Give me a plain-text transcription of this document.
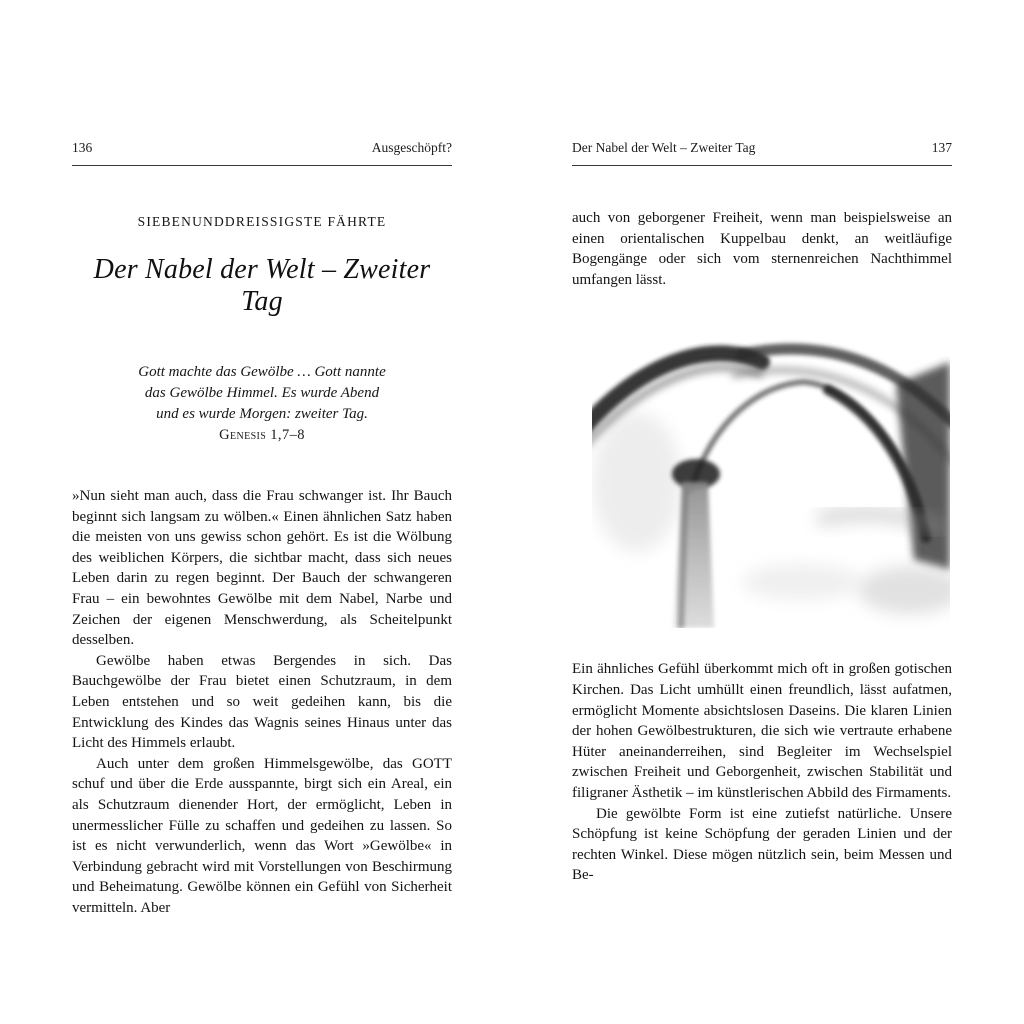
136	Ausgeschöpft?
SIEBENUNDDREISSIGSTE FÄHRTE
Der Nabel der Welt – Zweiter Tag
Gott machte das Gewölbe … Gott nannte
das Gewölbe Himmel. Es wurde Abend
und es wurde Morgen: zweiter Tag.
Genesis 1,7–8

»Nun sieht man auch, dass die Frau schwanger ist. Ihr Bauch beginnt sich langsam zu wölben.« Einen ähnlichen Satz haben die meisten von uns gewiss schon gehört. Es ist die Wölbung des weiblichen Körpers, die sichtbar macht, dass sich neues Leben darin zu regen beginnt. Der Bauch der schwangeren Frau – ein bewohntes Gewölbe mit dem Nabel, Narbe und Zeichen der eigenen Menschwerdung, als Scheitelpunkt desselben.

Gewölbe haben etwas Bergendes in sich. Das Bauchgewölbe der Frau bietet einen Schutzraum, in dem Leben entstehen und so weit gedeihen kann, bis die Entwicklung des Kindes das Wagnis seines Hinaus unter das Licht des Himmels erlaubt.

Auch unter dem großen Himmelsgewölbe, das GOTT schuf und über die Erde ausspannte, birgt sich ein Areal, ein als Schutzraum dienender Hort, der ermöglicht, Leben in unermesslicher Fülle zu schaffen und gedeihen zu lassen. So ist es nicht verwunderlich, wenn das Wort »Gewölbe« in Verbindung gebracht wird mit Vorstellungen von Beschirmung und Beheimatung. Gewölbe können ein Gefühl von Sicherheit vermitteln. Aber

Der Nabel der Welt – Zweiter Tag	137

auch von geborgener Freiheit, wenn man beispielsweise an einen orientalischen Kuppelbau denkt, an weitläufige Bogengänge oder sich vom sternenreichen Nachthimmel umfangen lässt.

Ein ähnliches Gefühl überkommt mich oft in großen gotischen Kirchen. Das Licht umhüllt einen freundlich, lässt aufatmen, ermöglicht Momente absichtslosen Daseins. Die klaren Linien der hohen Gewölbestrukturen, die sich wie vertraute erhabene Hüter aneinanderreihen, sind Begleiter im Wechselspiel zwischen Freiheit und Geborgenheit, zwischen Stabilität und filigraner Ästhetik – im künstlerischen Abbild des Firmaments.

Die gewölbte Form ist eine zutiefst natürliche. Unsere Schöpfung ist keine Schöpfung der geraden Linien und der rechten Winkel. Diese mögen nützlich sein, beim Messen und Be-
